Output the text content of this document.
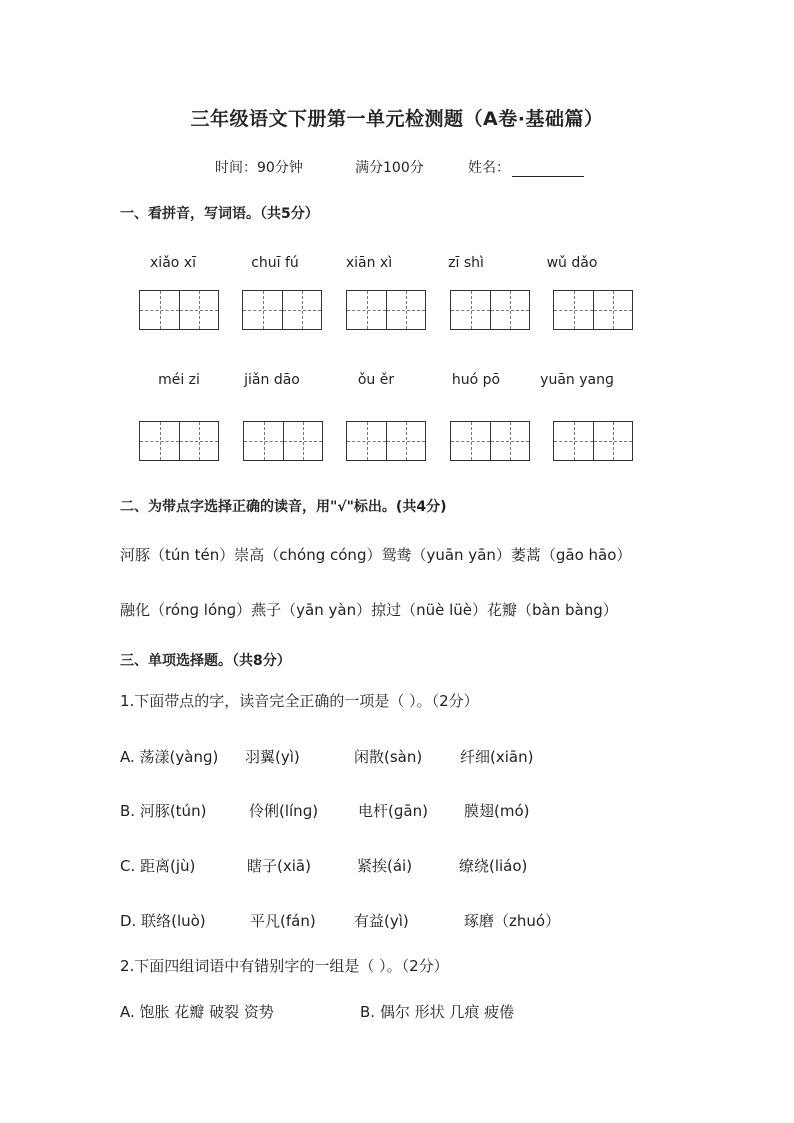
三年级语文下册第一单元检测题（A卷·基础篇）
时间：90分钟	满分100分	姓名：
一、看拼音，写词语。（共5分）
xiǎo xī	chuī fú	xiān xì	zī shì	wǔ dǎo
méi zi	jiǎn dāo	ǒu ěr	huó pō	yuān yanɡ
二、为带点字选择正确的读音，用"√"标出。(共4分)
河豚（tún tén）崇高（chóng cóng）鸳鸯（yuān yān）萎蒿（gāo hāo）
融化（rónɡ lónɡ）燕子（yān yàn）掠过（nüè lüè）花瓣（bàn bàng）
三、单项选择题。（共8分）
1.下面带点的字，读音完全正确的一项是（ ）。（2分）
A. 荡漾(yànɡ) 羽翼(yì)	闲散(sàn)	纤细(xiān)
B. 河豚(tún)	伶俐(línɡ)	电杆(ɡān) 膜翅(mó)
C. 距离(jù)	瞎子(xiā)	紧挨(ái)	缭绕(liáo)
D. 联络(luò)	平凡(fán)	有益(yì)	琢磨（zhuó）
2.下面四组词语中有错别字的一组是（ ）。（2分）
A. 饱胀 花瓣 破裂 资势	B. 偶尔 形状 几痕 疲倦
